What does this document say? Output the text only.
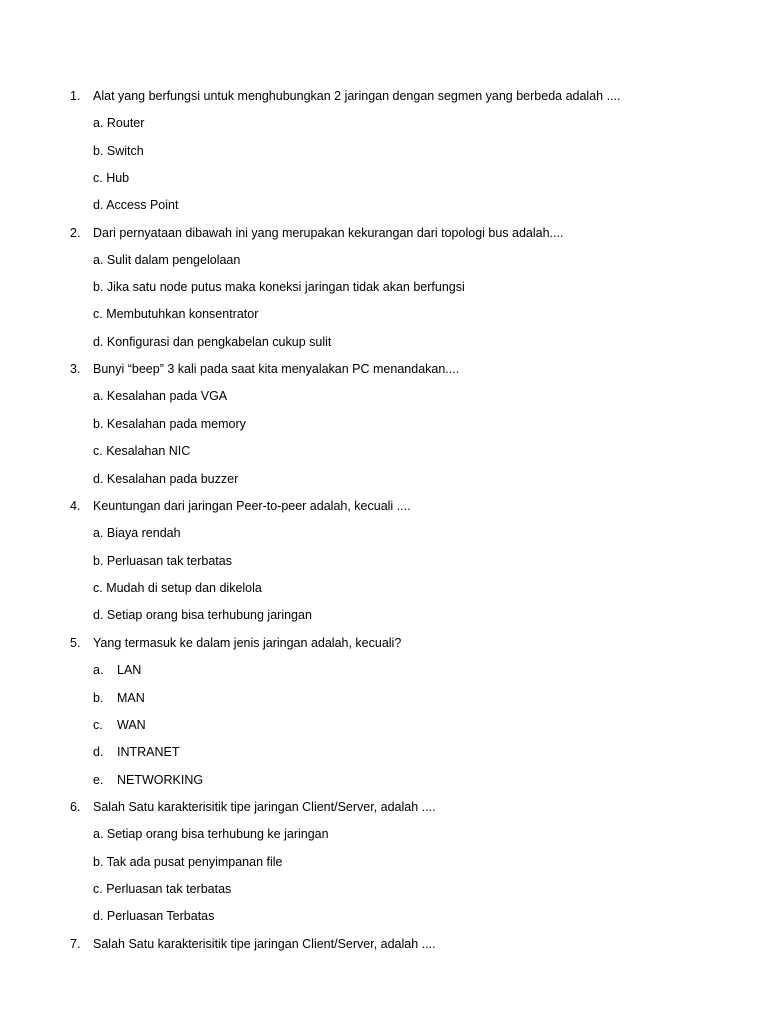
1. Alat yang berfungsi untuk menghubungkan 2 jaringan dengan segmen yang berbeda adalah ....
a. Router
b. Switch
c. Hub
d. Access Point
2. Dari pernyataan dibawah ini yang merupakan kekurangan dari topologi bus adalah....
a. Sulit dalam pengelolaan
b. Jika satu node putus maka koneksi jaringan tidak akan berfungsi
c. Membutuhkan konsentrator
d. Konfigurasi dan pengkabelan cukup sulit
3. Bunyi “beep” 3 kali pada saat kita menyalakan PC menandakan....
a. Kesalahan pada VGA
b. Kesalahan pada memory
c. Kesalahan NIC
d. Kesalahan pada buzzer
4. Keuntungan dari jaringan Peer-to-peer adalah, kecuali ....
a. Biaya rendah
b. Perluasan tak terbatas
c. Mudah di setup dan dikelola
d. Setiap orang bisa terhubung jaringan
5. Yang termasuk ke dalam jenis jaringan adalah, kecuali?
a. LAN
b. MAN
c. WAN
d. INTRANET
e. NETWORKING
6. Salah Satu karakterisitik tipe jaringan Client/Server, adalah ....
a. Setiap orang bisa terhubung ke jaringan
b. Tak ada pusat penyimpanan file
c. Perluasan tak terbatas
d. Perluasan Terbatas
7. Salah Satu karakterisitik tipe jaringan Client/Server, adalah ....
